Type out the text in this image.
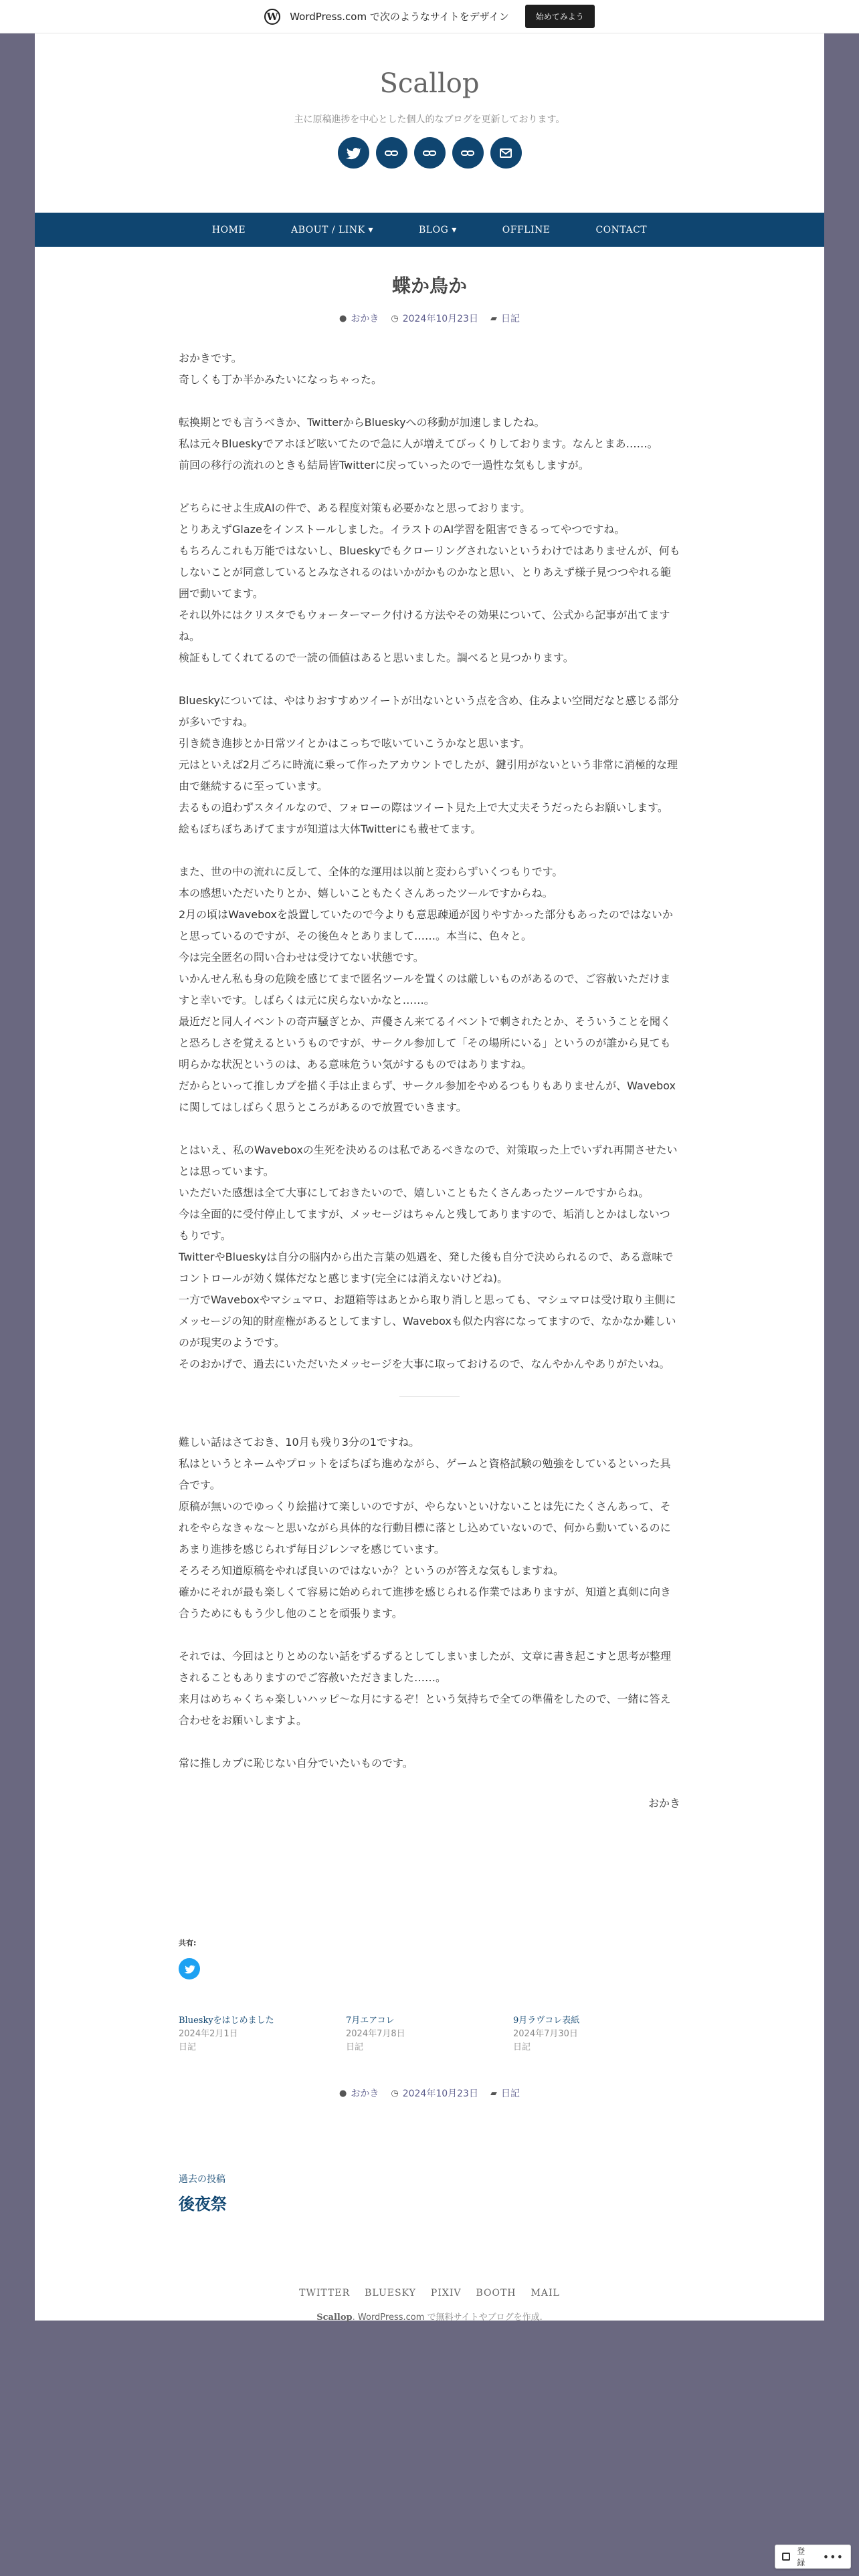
W WordPress.com で次のようなサイトをデザイン	始めてみよう
Scallop
主に原稿進捗を中心とした個人的なブログを更新しております。
HOME	ABOUT / LINK ▾	BLOG ▾	OFFLINE	CONTACT
蝶か鳥か
● おかき ◷ 2024年10月23日 ▰ 日記

おかきです。
奇しくも丁か半かみたいになっちゃった。

転換期とでも言うべきか、TwitterからBlueskyへの移動が加速しましたね。
私は元々Blueskyでアホほど呟いてたので急に人が増えてびっくりしております。なんとまあ……。
前回の移行の流れのときも結局皆Twitterに戻っていったので一過性な気もしますが。

どちらにせよ生成AIの件で、ある程度対策も必要かなと思っております。
とりあえずGlazeをインストールしました。イラストのAI学習を阻害できるってやつですね。
もちろんこれも万能ではないし、Blueskyでもクローリングされないというわけではありませんが、何もしないことが同意しているとみなされるのはいかがかものかなと思い、とりあえず様子見つつやれる範囲で動いてます。
それ以外にはクリスタでもウォーターマーク付ける方法やその効果について、公式から記事が出てますね。
検証もしてくれてるので一読の価値はあると思いました。調べると見つかります。

Blueskyについては、やはりおすすめツイートが出ないという点を含め、住みよい空間だなと感じる部分が多いですね。
引き続き進捗とか日常ツイとかはこっちで呟いていこうかなと思います。
元はといえば2月ごろに時流に乗って作ったアカウントでしたが、鍵引用がないという非常に消極的な理由で継続するに至っています。
去るもの追わずスタイルなので、フォローの際はツイート見た上で大丈夫そうだったらお願いします。
絵もぼちぼちあげてますが知道は大体Twitterにも載せてます。

また、世の中の流れに反して、全体的な運用は以前と変わらずいくつもりです。
本の感想いただいたりとか、嬉しいこともたくさんあったツールですからね。
2月の頃はWaveboxを設置していたので今よりも意思疎通が図りやすかった部分もあったのではないかと思っているのですが、その後色々とありまして……。本当に、色々と。
今は完全匿名の問い合わせは受けてない状態です。
いかんせん私も身の危険を感じてまで匿名ツールを置くのは厳しいものがあるので、ご容赦いただけますと幸いです。しばらくは元に戻らないかなと……。
最近だと同人イベントの奇声騒ぎとか、声優さん来てるイベントで刺されたとか、そういうことを聞くと恐ろしさを覚えるというものですが、サークル参加して「その場所にいる」というのが誰から見ても明らかな状況というのは、ある意味危うい気がするものではありますね。
だからといって推しカプを描く手は止まらず、サークル参加をやめるつもりもありませんが、Waveboxに関してはしばらく思うところがあるので放置でいきます。

とはいえ、私のWaveboxの生死を決めるのは私であるべきなので、対策取った上でいずれ再開させたいとは思っています。
いただいた感想は全て大事にしておきたいので、嬉しいこともたくさんあったツールですからね。
今は全面的に受付停止してますが、メッセージはちゃんと残してありますので、垢消しとかはしないつもりです。
TwitterやBlueskyは自分の脳内から出た言葉の処遇を、発した後も自分で決められるので、ある意味でコントロールが効く媒体だなと感じます(完全には消えないけどね)。
一方でWaveboxやマシュマロ、お題箱等はあとから取り消しと思っても、マシュマロは受け取り主側にメッセージの知的財産権があるとしてますし、Waveboxも似た内容になってますので、なかなか難しいのが現実のようです。
そのおかげで、過去にいただいたメッセージを大事に取っておけるので、なんやかんやありがたいね。

難しい話はさておき、10月も残り3分の1ですね。
私はというとネームやプロットをぼちぼち進めながら、ゲームと資格試験の勉強をしているといった具合です。
原稿が無いのでゆっくり絵描けて楽しいのですが、やらないといけないことは先にたくさんあって、それをやらなきゃな〜と思いながら具体的な行動目標に落とし込めていないので、何から動いているのにあまり進捗を感じられず毎日ジレンマを感じています。
そろそろ知道原稿をやれば良いのではないか？というのが答えな気もしますね。
確かにそれが最も楽しくて容易に始められて進捗を感じられる作業ではありますが、知道と真剣に向き合うためにももう少し他のことを頑張ります。

それでは、今回はとりとめのない話をずるずるとしてしまいましたが、文章に書き起こすと思考が整理されることもありますのでご容赦いただきました……。
来月はめちゃくちゃ楽しいハッピ〜な月にするぞ！という気持ちで全ての準備をしたので、一緒に答え合わせをお願いしますよ。

常に推しカプに恥じない自分でいたいものです。

おかき

共有:
Blueskyをはじめました
2024年2月1日
日記
7月エアコレ
2024年7月8日
日記
9月ラヴコレ表紙
2024年7月30日
日記
● おかき ◷ 2024年10月23日 ▰ 日記
過去の投稿
後夜祭
TWITTER BLUESKY PIXIV BOOTH MAIL
Scallop. WordPress.com で無料サイトやブログを作成.
登録 •••
